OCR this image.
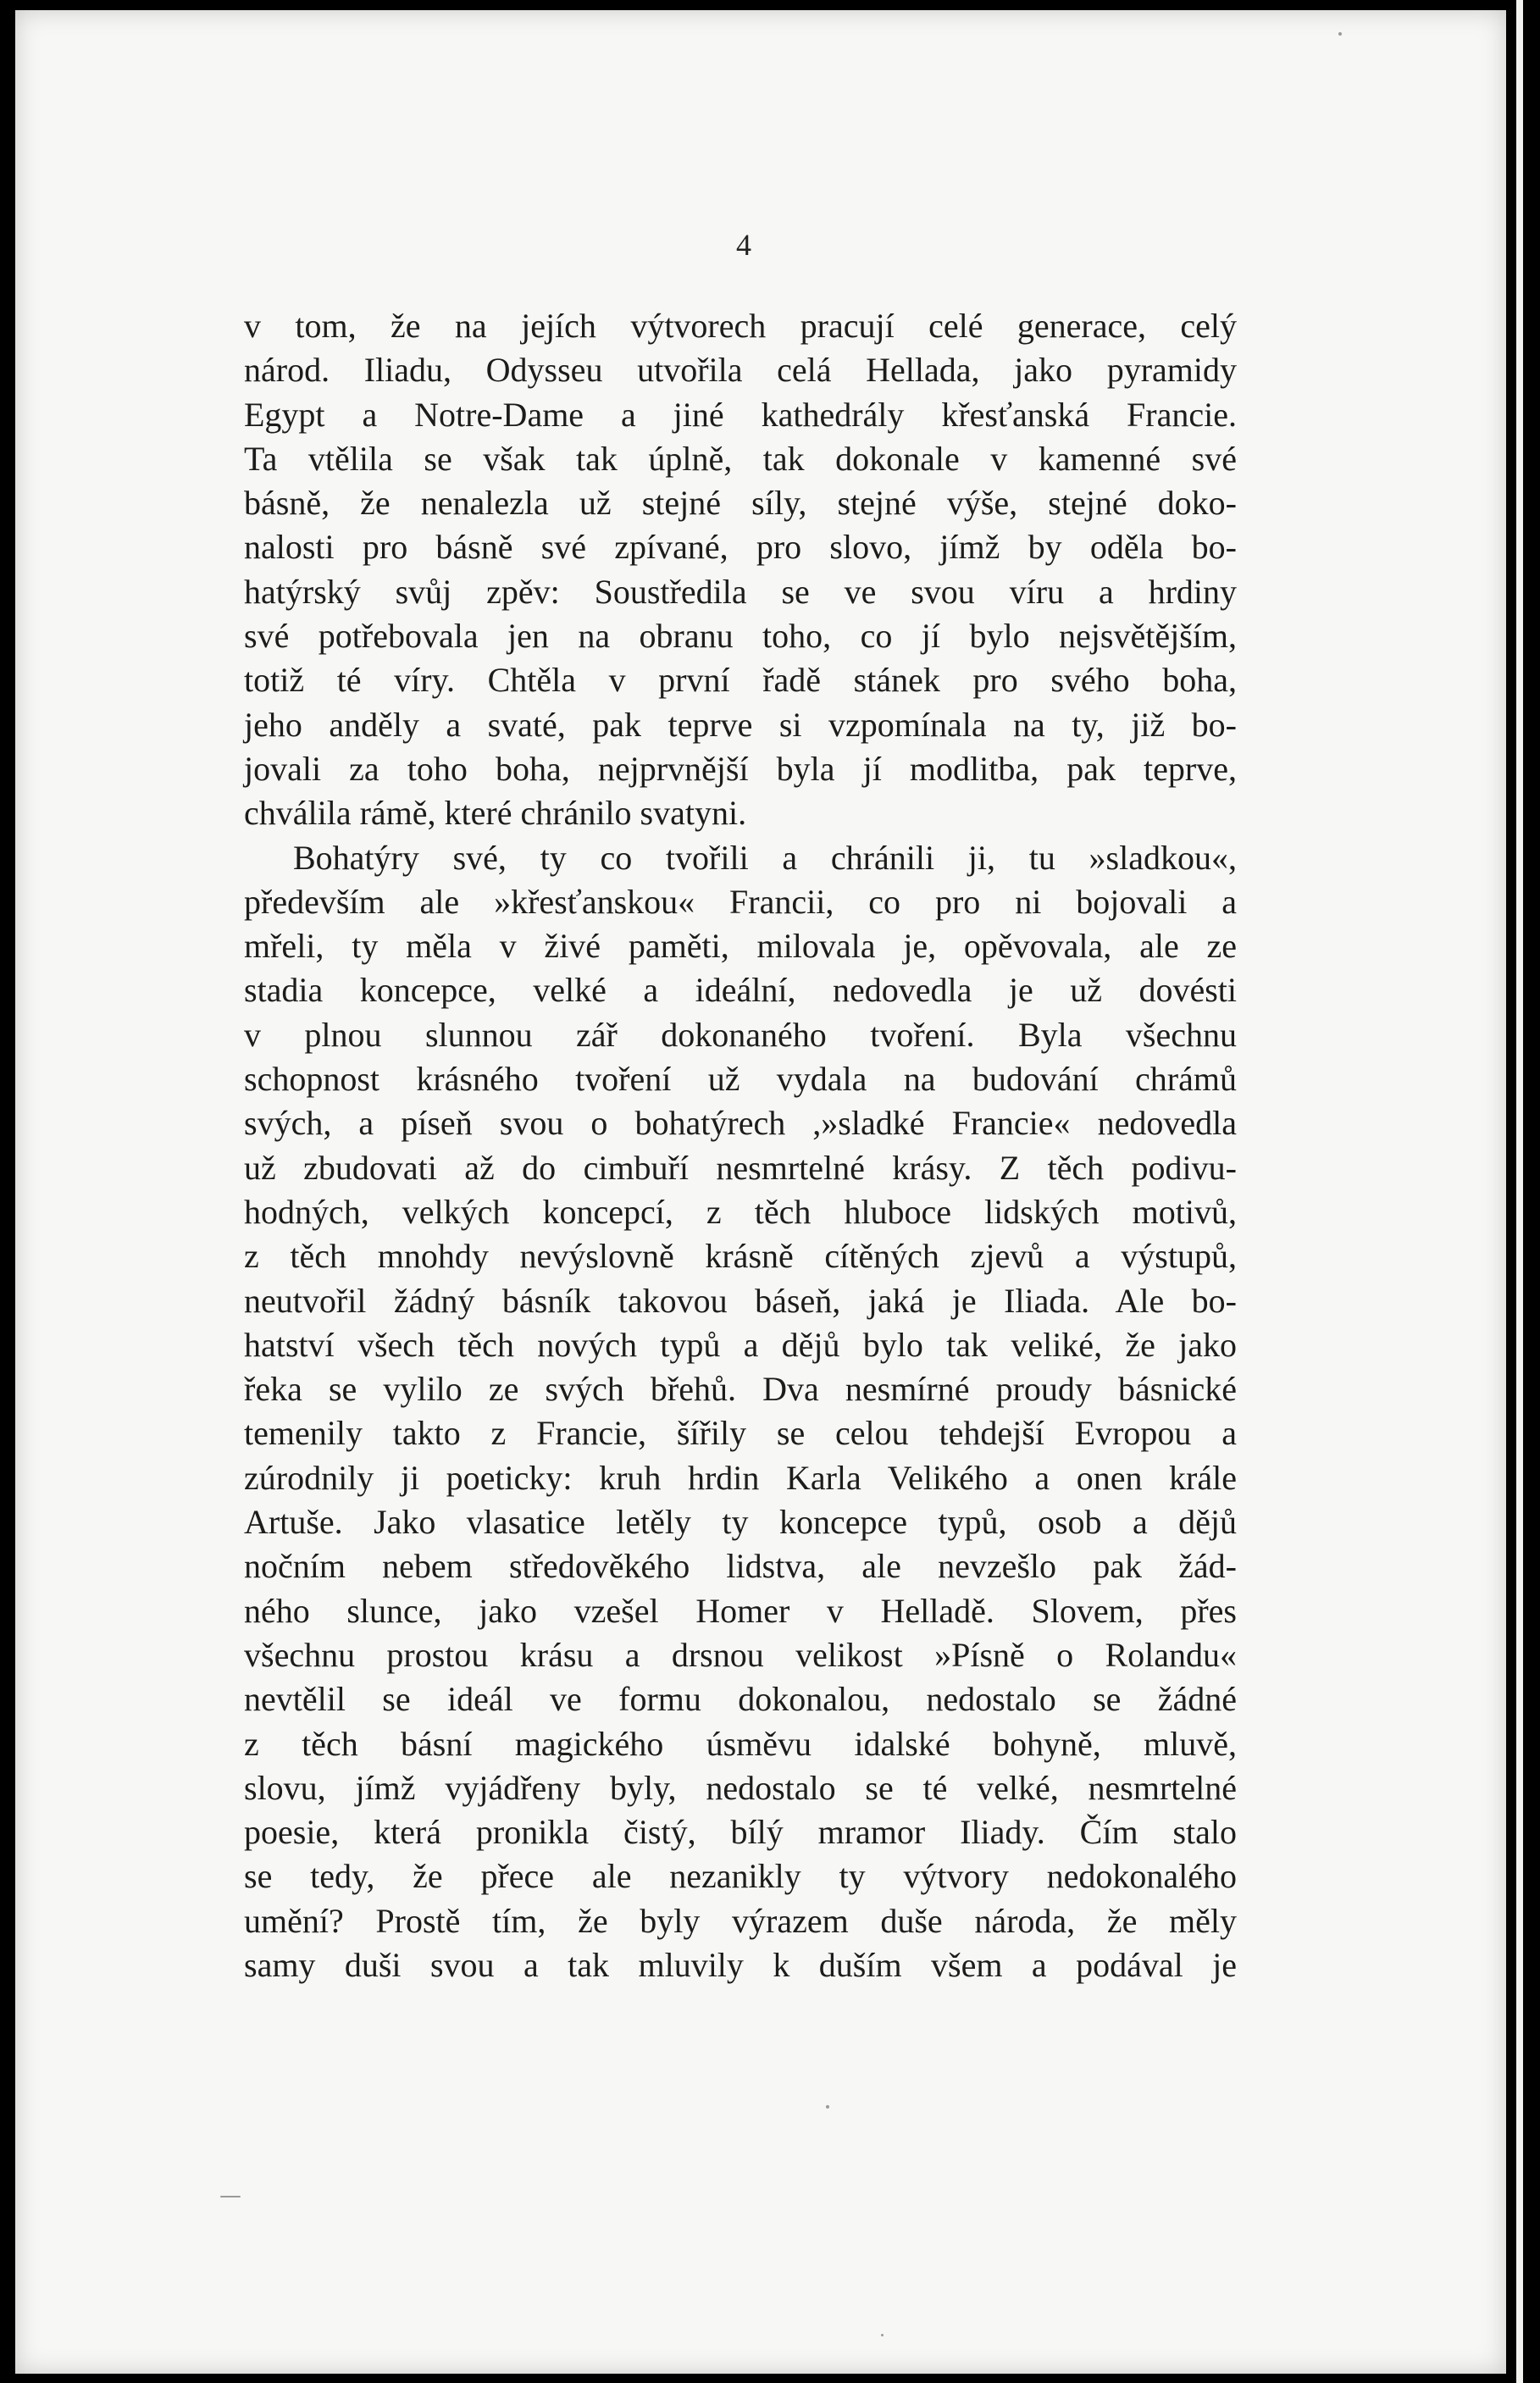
4
v tom, že na jejích výtvorech pracují celé generace, celý
národ. Iliadu, Odysseu utvořila celá Hellada, jako pyramidy
Egypt a Notre-Dame a jiné kathedrály křesťanská Francie.
Ta vtělila se však tak úplně, tak dokonale v kamenné své
básně, že nenalezla už stejné síly, stejné výše, stejné doko-
nalosti pro básně své zpívané, pro slovo, jímž by oděla bo-
hatýrský svůj zpěv: Soustředila se ve svou víru a hrdiny
své potřebovala jen na obranu toho, co jí bylo nejsvětějším,
totiž té víry. Chtěla v první řadě stánek pro svého boha,
jeho anděly a svaté, pak teprve si vzpomínala na ty, již bo-
jovali za toho boha, nejprvnější byla jí modlitba, pak teprve,
chválila rámě, které chránilo svatyni.
Bohatýry své, ty co tvořili a chránili ji, tu »sladkou«,
především ale »křesťanskou« Francii, co pro ni bojovali a
mřeli, ty měla v živé paměti, milovala je, opěvovala, ale ze
stadia koncepce, velké a ideální, nedovedla je už dovésti
v plnou slunnou zář dokonaného tvoření. Byla všechnu
schopnost krásného tvoření už vydala na budování chrámů
svých, a píseň svou o bohatýrech ,»sladké Francie« nedovedla
už zbudovati až do cimbuří nesmrtelné krásy. Z těch podivu-
hodných, velkých koncepcí, z těch hluboce lidských motivů,
z těch mnohdy nevýslovně krásně cítěných zjevů a výstupů,
neutvořil žádný básník takovou báseň, jaká je Iliada. Ale bo-
hatství všech těch nových typů a dějů bylo tak veliké, že jako
řeka se vylilo ze svých břehů. Dva nesmírné proudy básnické
temenily takto z Francie, šířily se celou tehdejší Evropou a
zúrodnily ji poeticky: kruh hrdin Karla Velikého a onen krále
Artuše. Jako vlasatice letěly ty koncepce typů, osob a dějů
nočním nebem středověkého lidstva, ale nevzešlo pak žád-
ného slunce, jako vzešel Homer v Helladě. Slovem, přes
všechnu prostou krásu a drsnou velikost »Písně o Rolandu«
nevtělil se ideál ve formu dokonalou, nedostalo se žádné
z těch básní magického úsměvu idalské bohyně, mluvě,
slovu, jímž vyjádřeny byly, nedostalo se té velké, nesmrtelné
poesie, která pronikla čistý, bílý mramor Iliady. Čím stalo
se tedy, že přece ale nezanikly ty výtvory nedokonalého
umění? Prostě tím, že byly výrazem duše národa, že měly
samy duši svou a tak mluvily k duším všem a podával je
